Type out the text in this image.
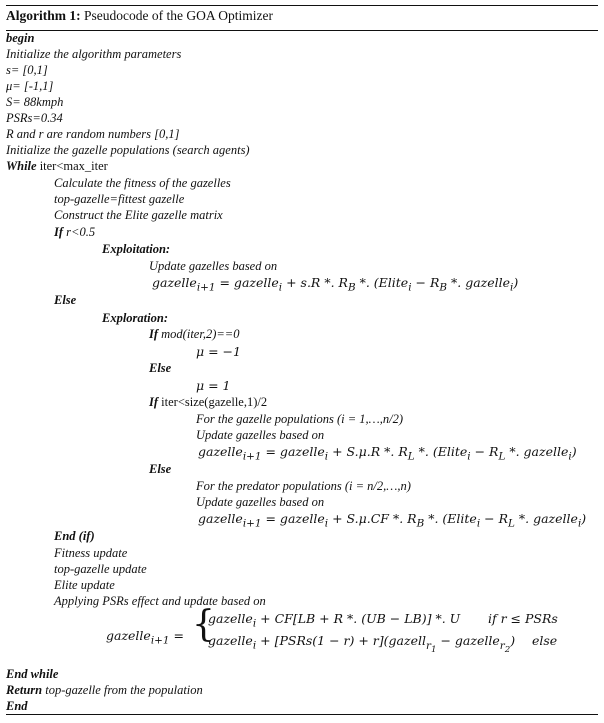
Algorithm 1: Pseudocode of the GOA Optimizer
begin
Initialize the algorithm parameters
s= [0,1]
μ= [-1,1]
S= 88kmph
PSRs=0.34
R and r are random numbers [0,1]
Initialize the gazelle populations (search agents)
While iter<max_iter
Calculate the fitness of the gazelles
top-gazelle=fittest gazelle
Construct the Elite gazelle matrix
If r<0.5
Exploitation:
Update gazelles based on
gazelle$_{i+1}$ = gazelle$_i$ + s.R *. $R_B$ *. (Elite$_i$ − $R_B$ *. gazelle$_i$)
Else
Exploration:
If mod(iter,2)==0
μ = −1
Else
μ = 1
If iter<size(gazelle,1)/2
For the gazelle populations (i = 1,…,n/2)
Update gazelles based on
gazelle$_{i+1}$ = gazelle$_i$ + S.μ.R *. $R_L$ *. (Elite$_i$ − $R_L$ *. gazelle$_i$)
Else
For the predator populations (i = n/2,…,n)
Update gazelles based on
gazelle$_{i+1}$ = gazelle$_i$ + S.μ.CF *. $R_B$ *. (Elite$_i$ − $R_L$ *. gazelle$_i$)
End (if)
Fitness update
top-gazelle update
Elite update
Applying PSRs effect and update based on
gazelle$_{i+1}$ = {
gazelle$_i$ + CF[LB + R *. (UB − LB)] *. U if r ≤ PSRs
gazelle$_i$ + [PSRs(1 − r) + r](gazell$_{r_1}$ − gazelle$_{r_2}$) else
End while
Return top-gazelle from the population
End
